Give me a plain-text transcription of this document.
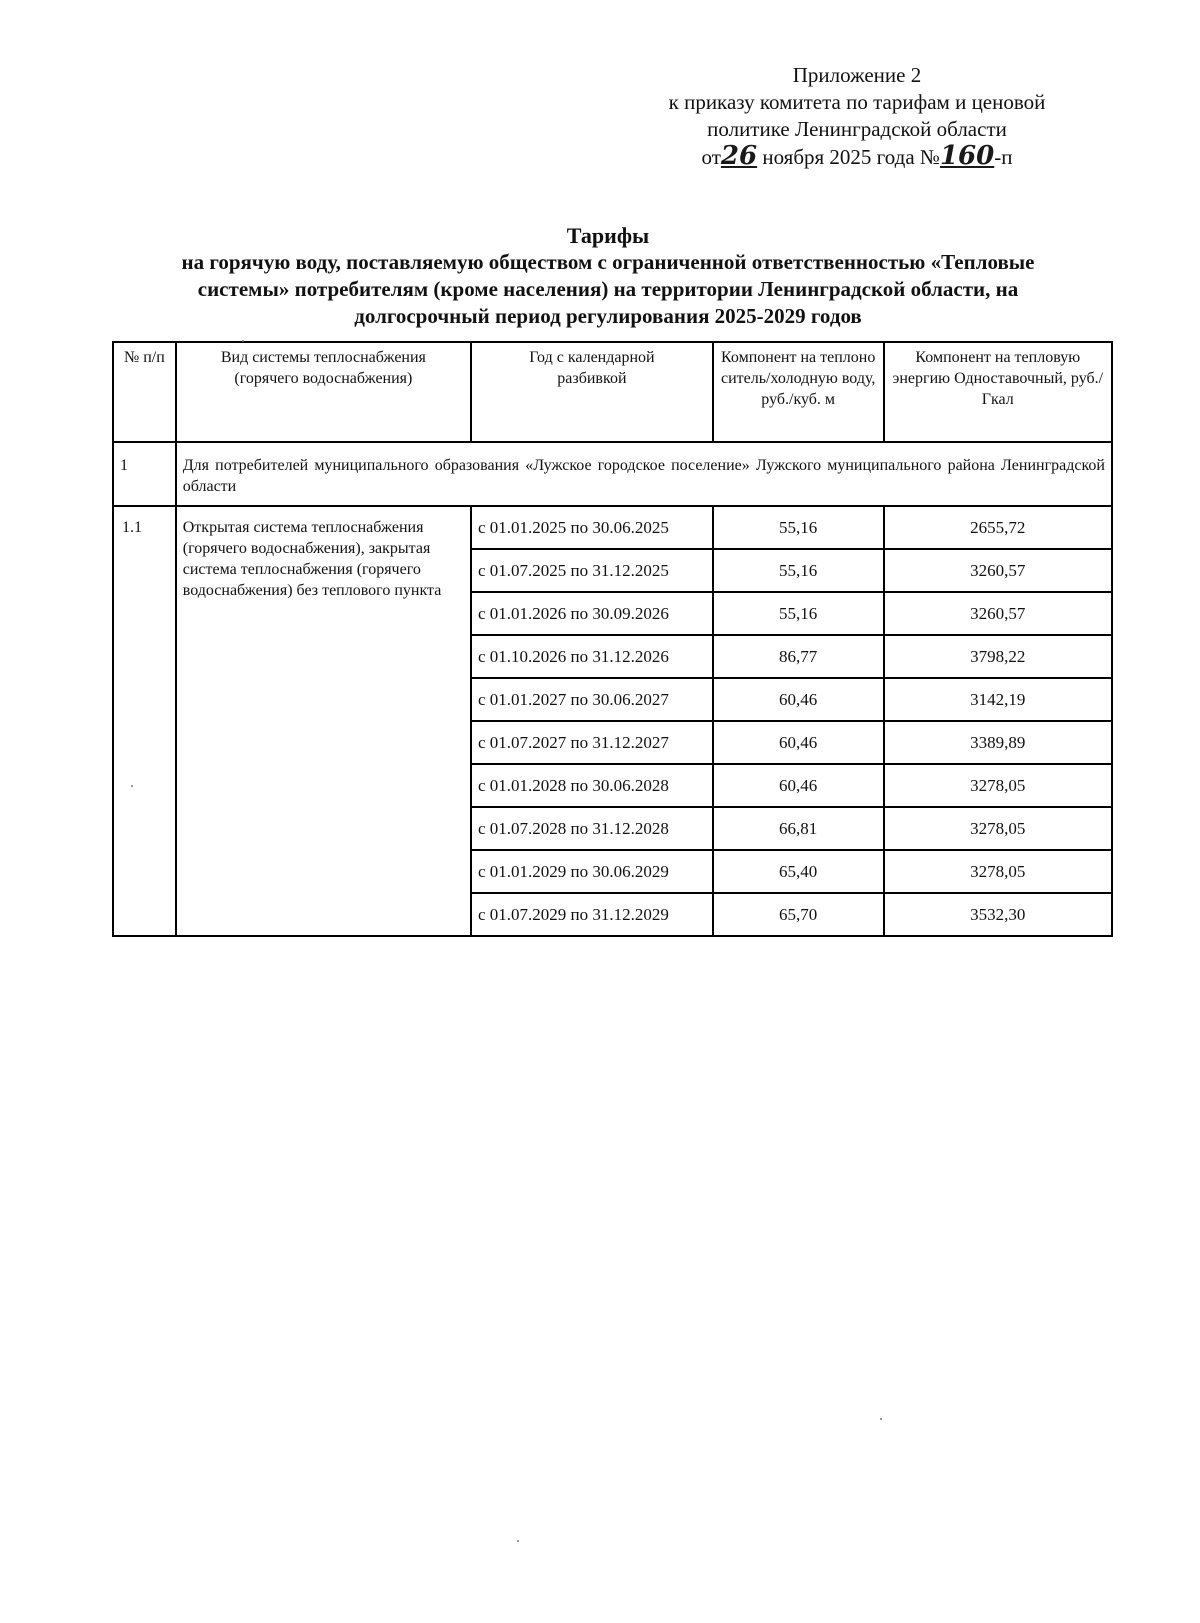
Приложение 2
к приказу комитета по тарифам и ценовой
политике Ленинградской области
от26 ноября 2025 года №160-п
Тарифы
на горячую воду, поставляемую обществом с ограниченной ответственностью «Тепловые
системы» потребителям (кроме населения) на территории Ленинградской области, на
долгосрочный период регулирования 2025-2029 годов
№ п/п	Вид системы теплоснабжения (горячего водоснабжения)	Год с календарной разбивкой	Компонент на теплоноситель/холодную воду, руб./куб. м	Компонент на тепловую энергию Одноставочный, руб./Гкал
1	Для потребителей муниципального образования «Лужское городское поселение» Лужского муниципального района Ленинградской области			
1.1	Открытая система теплоснабжения (горячего водоснабжения), закрытая система теплоснабжения (горячего водоснабжения) без теплового пункта	с 01.01.2025 по 30.06.2025	55,16	2655,72
		с 01.07.2025 по 31.12.2025	55,16	3260,57
		с 01.01.2026 по 30.09.2026	55,16	3260,57
		с 01.10.2026 по 31.12.2026	86,77	3798,22
		с 01.01.2027 по 30.06.2027	60,46	3142,19
		с 01.07.2027 по 31.12.2027	60,46	3389,89
		с 01.01.2028 по 30.06.2028	60,46	3278,05
		с 01.07.2028 по 31.12.2028	66,81	3278,05
		с 01.01.2029 по 30.06.2029	65,40	3278,05
		с 01.07.2029 по 31.12.2029	65,70	3532,30
